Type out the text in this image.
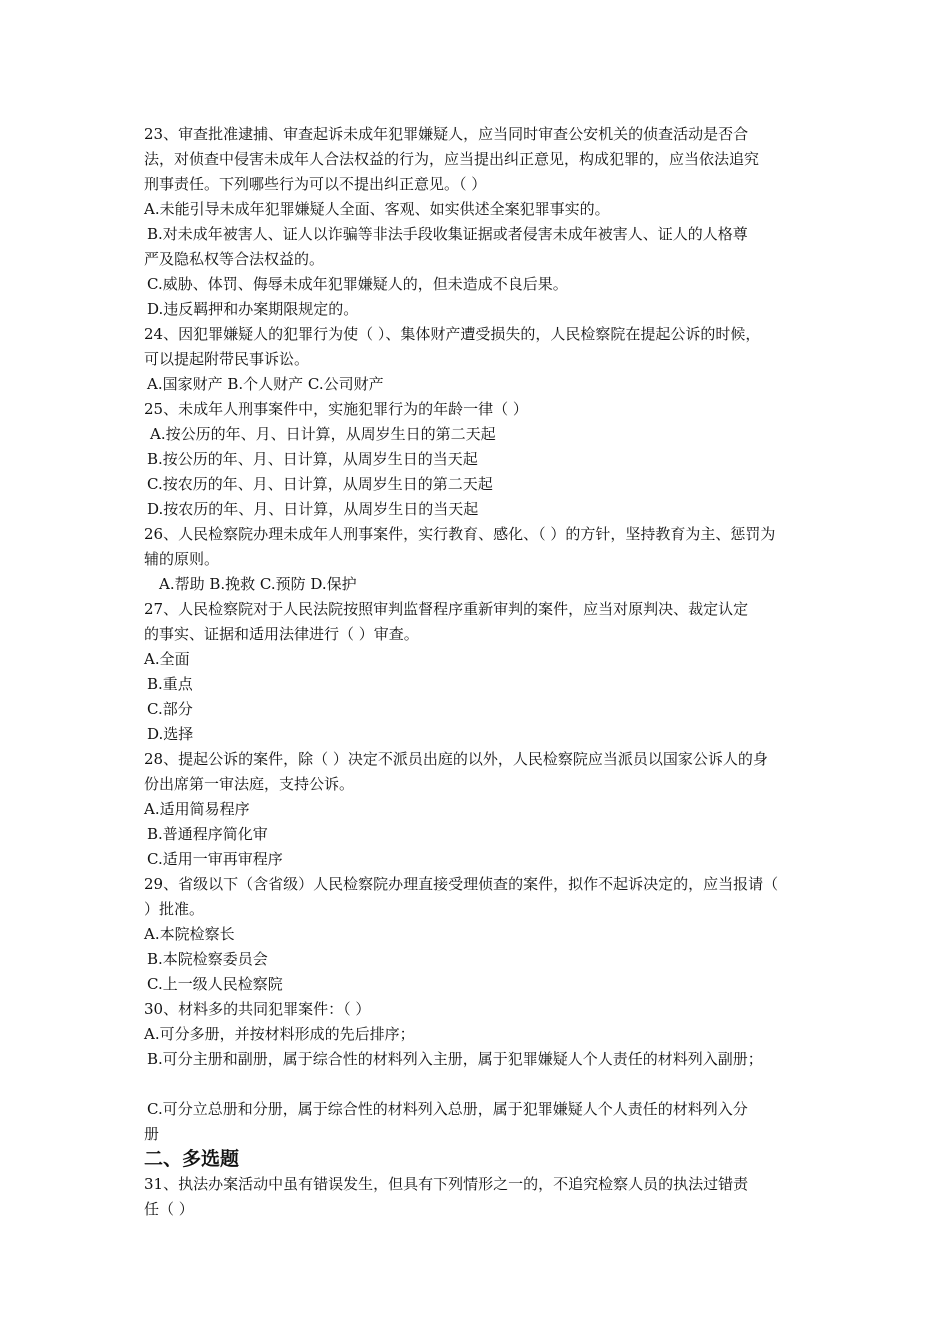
23、审查批准逮捕、审查起诉未成年犯罪嫌疑人，应当同时审查公安机关的侦查活动是否合
法，对侦查中侵害未成年人合法权益的行为，应当提出纠正意见，构成犯罪的，应当依法追究
刑事责任。下列哪些行为可以不提出纠正意见。（ ）
A.未能引导未成年犯罪嫌疑人全面、客观、如实供述全案犯罪事实的。
B.对未成年被害人、证人以诈骗等非法手段收集证据或者侵害未成年被害人、证人的人格尊
严及隐私权等合法权益的。
C.威胁、体罚、侮辱未成年犯罪嫌疑人的，但未造成不良后果。
D.违反羁押和办案期限规定的。
24、因犯罪嫌疑人的犯罪行为使（ ）、集体财产遭受损失的，人民检察院在提起公诉的时候，
可以提起附带民事诉讼。
A.国家财产 B.个人财产 C.公司财产
25、未成年人刑事案件中，实施犯罪行为的年龄一律（ ）
A.按公历的年、月、日计算，从周岁生日的第二天起
B.按公历的年、月、日计算，从周岁生日的当天起
C.按农历的年、月、日计算，从周岁生日的第二天起
D.按农历的年、月、日计算，从周岁生日的当天起
26、人民检察院办理未成年人刑事案件，实行教育、感化、（ ）的方针，坚持教育为主、惩罚为
辅的原则。
A.帮助 B.挽救 C.预防 D.保护
27、人民检察院对于人民法院按照审判监督程序重新审判的案件，应当对原判决、裁定认定
的事实、证据和适用法律进行（ ）审查。
A.全面
B.重点
C.部分
D.选择
28、提起公诉的案件，除（ ）决定不派员出庭的以外，人民检察院应当派员以国家公诉人的身
份出席第一审法庭，支持公诉。
A.适用简易程序
B.普通程序简化审
C.适用一审再审程序
29、省级以下（含省级）人民检察院办理直接受理侦查的案件，拟作不起诉决定的，应当报请（
）批准。
A.本院检察长
B.本院检察委员会
C.上一级人民检察院
30、材料多的共同犯罪案件：（ ）
A.可分多册，并按材料形成的先后排序；
B.可分主册和副册，属于综合性的材料列入主册，属于犯罪嫌疑人个人责任的材料列入副册；
C.可分立总册和分册，属于综合性的材料列入总册，属于犯罪嫌疑人个人责任的材料列入分
册
二、多选题
31、执法办案活动中虽有错误发生，但具有下列情形之一的，不追究检察人员的执法过错责
任（ ）
